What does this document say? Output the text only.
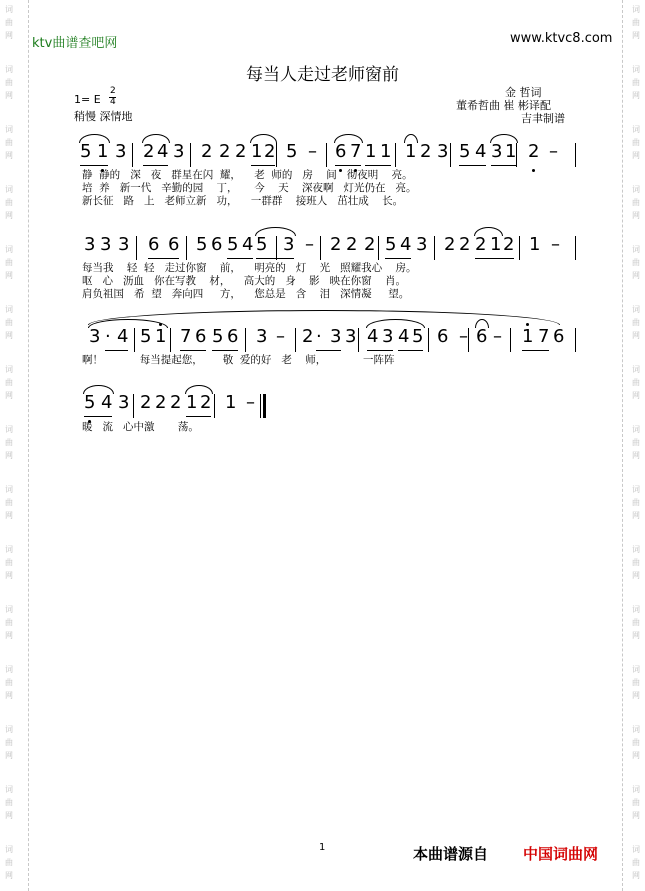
词
曲
网
词
曲
网
词
曲
网
词
曲
网
词
曲
网
词
曲
网
词
曲
网
词
曲
网
词
曲
网
词
曲
网
词
曲
网
词
曲
网
词
曲
网
词
曲
网
词
曲
网
词
曲
网
词
曲
网
词
曲
网
词
曲
网
词
曲
网
词
曲
网
词
曲
网
词
曲
网
词
曲
网
词
曲
网
词
曲
网
词
曲
网
词
曲
网
词
曲
网
词
曲
网
ktv曲谱查吧网	www.ktvc8.com
每当人走过老师窗前
1= E
2
4
稍慢 深情地
金 哲词
董希哲曲 崔 彬译配
吉聿制谱
5 1 3 2 4 3 2 2 2 1 2 5 – 6 7 1 1 1 2 3 5 4 3 1 2 –
静  静的   深   夜   群星在闪  耀，    老  师的   房    间   彻夜明    亮。
培  养   新一代   辛勤的园    丁，     今    天    深夜啊   灯光仍在   亮。
新长征   路   上   老师立新   功，    一群群    接班人   茁壮成    长。
3 3 3 6 6 5 6 5 4 5 3 – 2 2 2 5 4 3 2 2 2 1 2 1 –
每当我    轻  轻   走过你窗    前，    明亮的   灯    光   照耀我心    房。
呕   心   沥血   你在写教    材，    高大的   身    影   映在你窗    肖。
肩负祖国   希  望   奔向四     方，    您总是   含    泪   深情凝     望。
3 · 4 5 1 7 6 5 6 3 – 2 · 3 3 4 3 4 5 6 – 6 – 1 7 6
啊！           每当提起您，      敬  爱的好   老    师，           一阵阵
5 4 3 2 2 2 1 2 1 –
暖   流   心中激       荡。
1	本曲谱源自 中国词曲网
